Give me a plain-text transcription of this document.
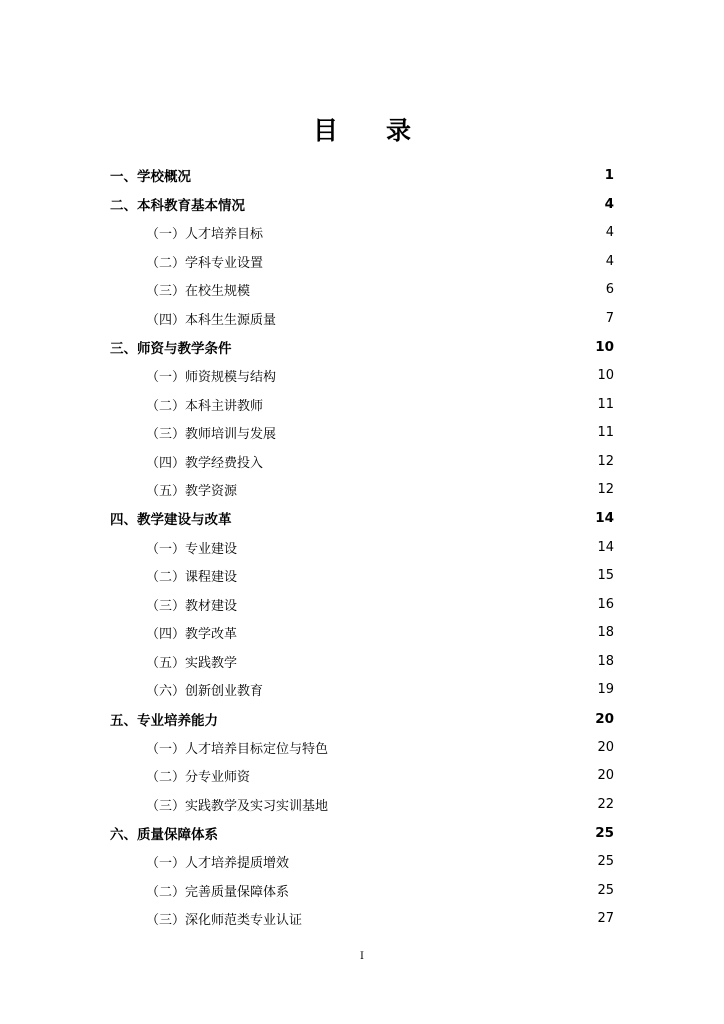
目录
一、学校概况	1
二、本科教育基本情况	4
（一）人才培养目标	4
（二）学科专业设置	4
（三）在校生规模	6
（四）本科生生源质量	7
三、师资与教学条件	10
（一）师资规模与结构	10
（二）本科主讲教师	11
（三）教师培训与发展	11
（四）教学经费投入	12
（五）教学资源	12
四、教学建设与改革	14
（一）专业建设	14
（二）课程建设	15
（三）教材建设	16
（四）教学改革	18
（五）实践教学	18
（六）创新创业教育	19
五、专业培养能力	20
（一）人才培养目标定位与特色	20
（二）分专业师资	20
（三）实践教学及实习实训基地	22
六、质量保障体系	25
（一）人才培养提质增效	25
（二）完善质量保障体系	25
（三）深化师范类专业认证	27
I
